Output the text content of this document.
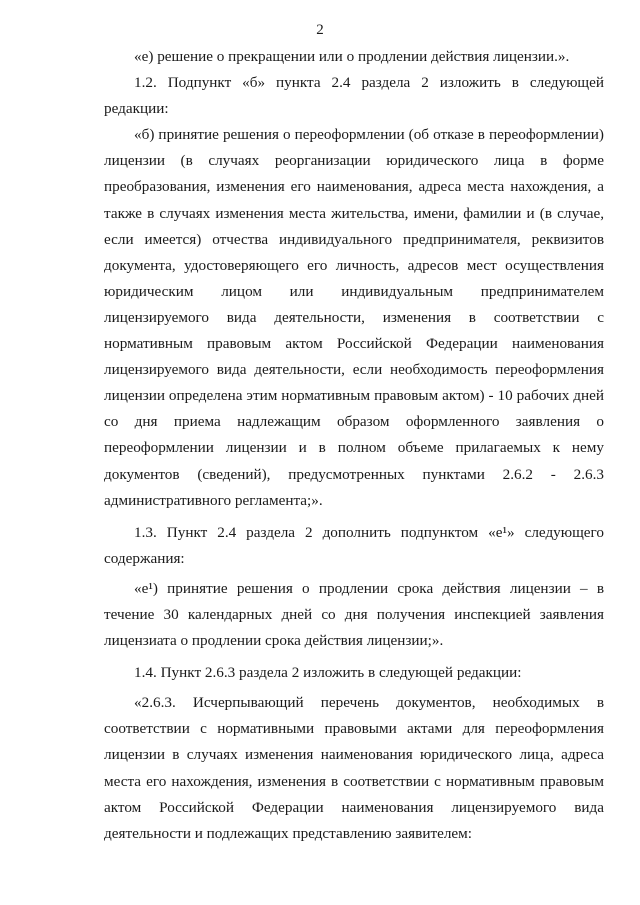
2

«е) решение о прекращении или о продлении действия лицензии.».

1.2. Подпункт «б» пункта 2.4 раздела 2 изложить в следующей редакции:

«б) принятие решения о переоформлении (об отказе в переоформлении) лицензии (в случаях реорганизации юридического лица в форме преобразования, изменения его наименования, адреса места нахождения, а также в случаях изменения места жительства, имени, фамилии и (в случае, если имеется) отчества индивидуального предпринимателя, реквизитов документа, удостоверяющего его личность, адресов мест осуществления юридическим лицом или индивидуальным предпринимателем лицензируемого вида деятельности, изменения в соответствии с нормативным правовым актом Российской Федерации наименования лицензируемого вида деятельности, если необходимость переоформления лицензии определена этим нормативным правовым актом) - 10 рабочих дней со дня приема надлежащим образом оформленного заявления о переоформлении лицензии и в полном объеме прилагаемых к нему документов (сведений), предусмотренных пунктами 2.6.2 - 2.6.3 административного регламента;».

1.3. Пункт 2.4 раздела 2 дополнить подпунктом «е¹» следующего содержания:

«е¹) принятие решения о продлении срока действия лицензии – в течение 30 календарных дней со дня получения инспекцией заявления лицензиата о продлении срока действия лицензии;».

1.4. Пункт 2.6.3 раздела 2 изложить в следующей редакции:

«2.6.3. Исчерпывающий перечень документов, необходимых в соответствии с нормативными правовыми актами для переоформления лицензии в случаях изменения наименования юридического лица, адреса места его нахождения, изменения в соответствии с нормативным правовым актом Российской Федерации наименования лицензируемого вида деятельности и подлежащих представлению заявителем:
